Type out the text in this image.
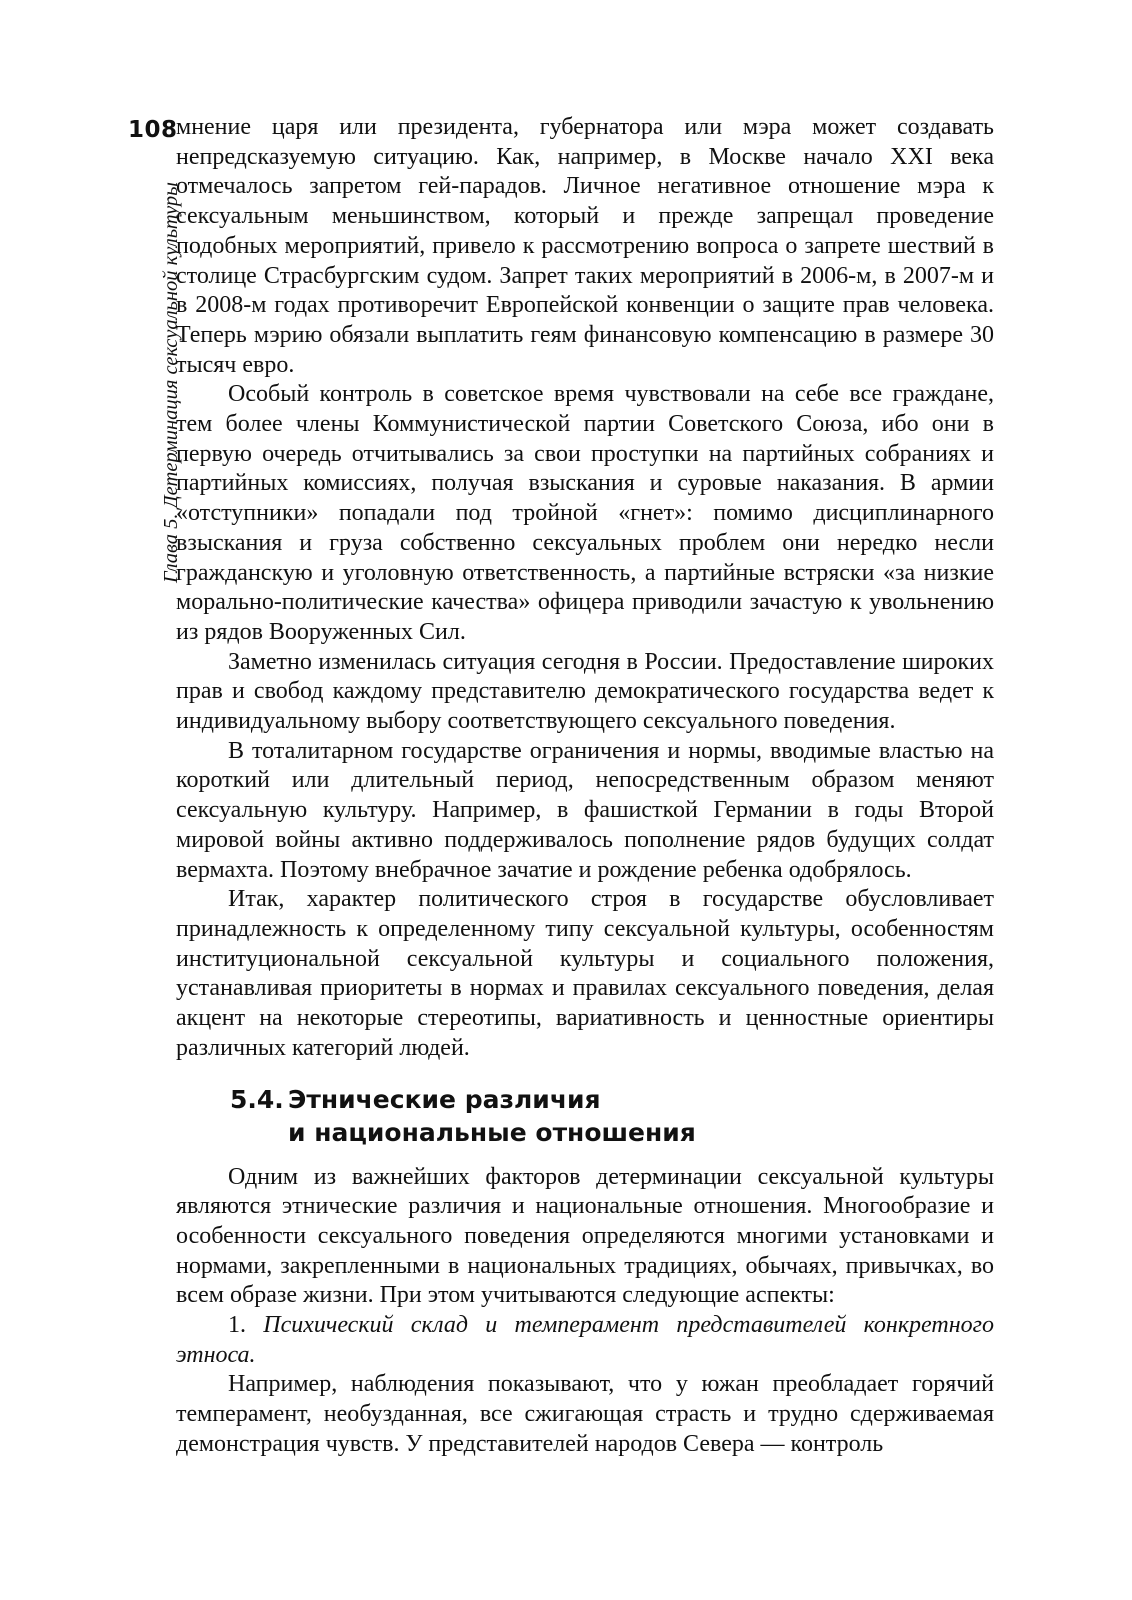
108
Глава 5. Детерминация сексуальной культуры

мнение царя или президента, губернатора или мэра может создавать непредсказуемую ситуацию. Как, например, в Москве начало XXI века отмечалось запретом гей-парадов. Личное негативное отношение мэра к сексуальным меньшинством, который и прежде запрещал проведение подобных мероприятий, привело к рассмотрению вопроса о запрете шествий в столице Страсбургским судом. Запрет таких мероприятий в 2006-м, в 2007-м и в 2008-м годах противоречит Европейской конвенции о защите прав человека. Теперь мэрию обязали выплатить геям финансовую компенсацию в размере 30 тысяч евро.

Особый контроль в советское время чувствовали на себе все граждане, тем более члены Коммунистической партии Советского Союза, ибо они в первую очередь отчитывались за свои проступки на партийных собраниях и партийных комиссиях, получая взыскания и суровые наказания. В армии «отступники» попадали под тройной «гнет»: помимо дисциплинарного взыскания и груза собственно сексуальных проблем они нередко несли гражданскую и уголовную ответственность, а партийные встряски «за низкие морально-политические качества» офицера приводили зачастую к увольнению из рядов Вооруженных Сил.

Заметно изменилась ситуация сегодня в России. Предоставление широких прав и свобод каждому представителю демократического государства ведет к индивидуальному выбору соответствующего сексуального поведения.

В тоталитарном государстве ограничения и нормы, вводимые властью на короткий или длительный период, непосредственным образом меняют сексуальную культуру. Например, в фашисткой Германии в годы Второй мировой войны активно поддерживалось пополнение рядов будущих солдат вермахта. Поэтому внебрачное зачатие и рождение ребенка одобрялось.

Итак, характер политического строя в государстве обусловливает принадлежность к определенному типу сексуальной культуры, особенностям институциональной сексуальной культуры и социального положения, устанавливая приоритеты в нормах и правилах сексуального поведения, делая акцент на некоторые стереотипы, вариативность и ценностные ориентиры различных категорий людей.

5.4. Этнические различия
и национальные отношения

Одним из важнейших факторов детерминации сексуальной культуры являются этнические различия и национальные отношения. Многообразие и особенности сексуального поведения определяются многими установками и нормами, закрепленными в национальных традициях, обычаях, привычках, во всем образе жизни. При этом учитываются следующие аспекты:

1. Психический склад и темперамент представителей конкретного этноса.

Например, наблюдения показывают, что у южан преобладает горячий темперамент, необузданная, все сжигающая страсть и трудно сдерживаемая демонстрация чувств. У представителей народов Севера — контроль
